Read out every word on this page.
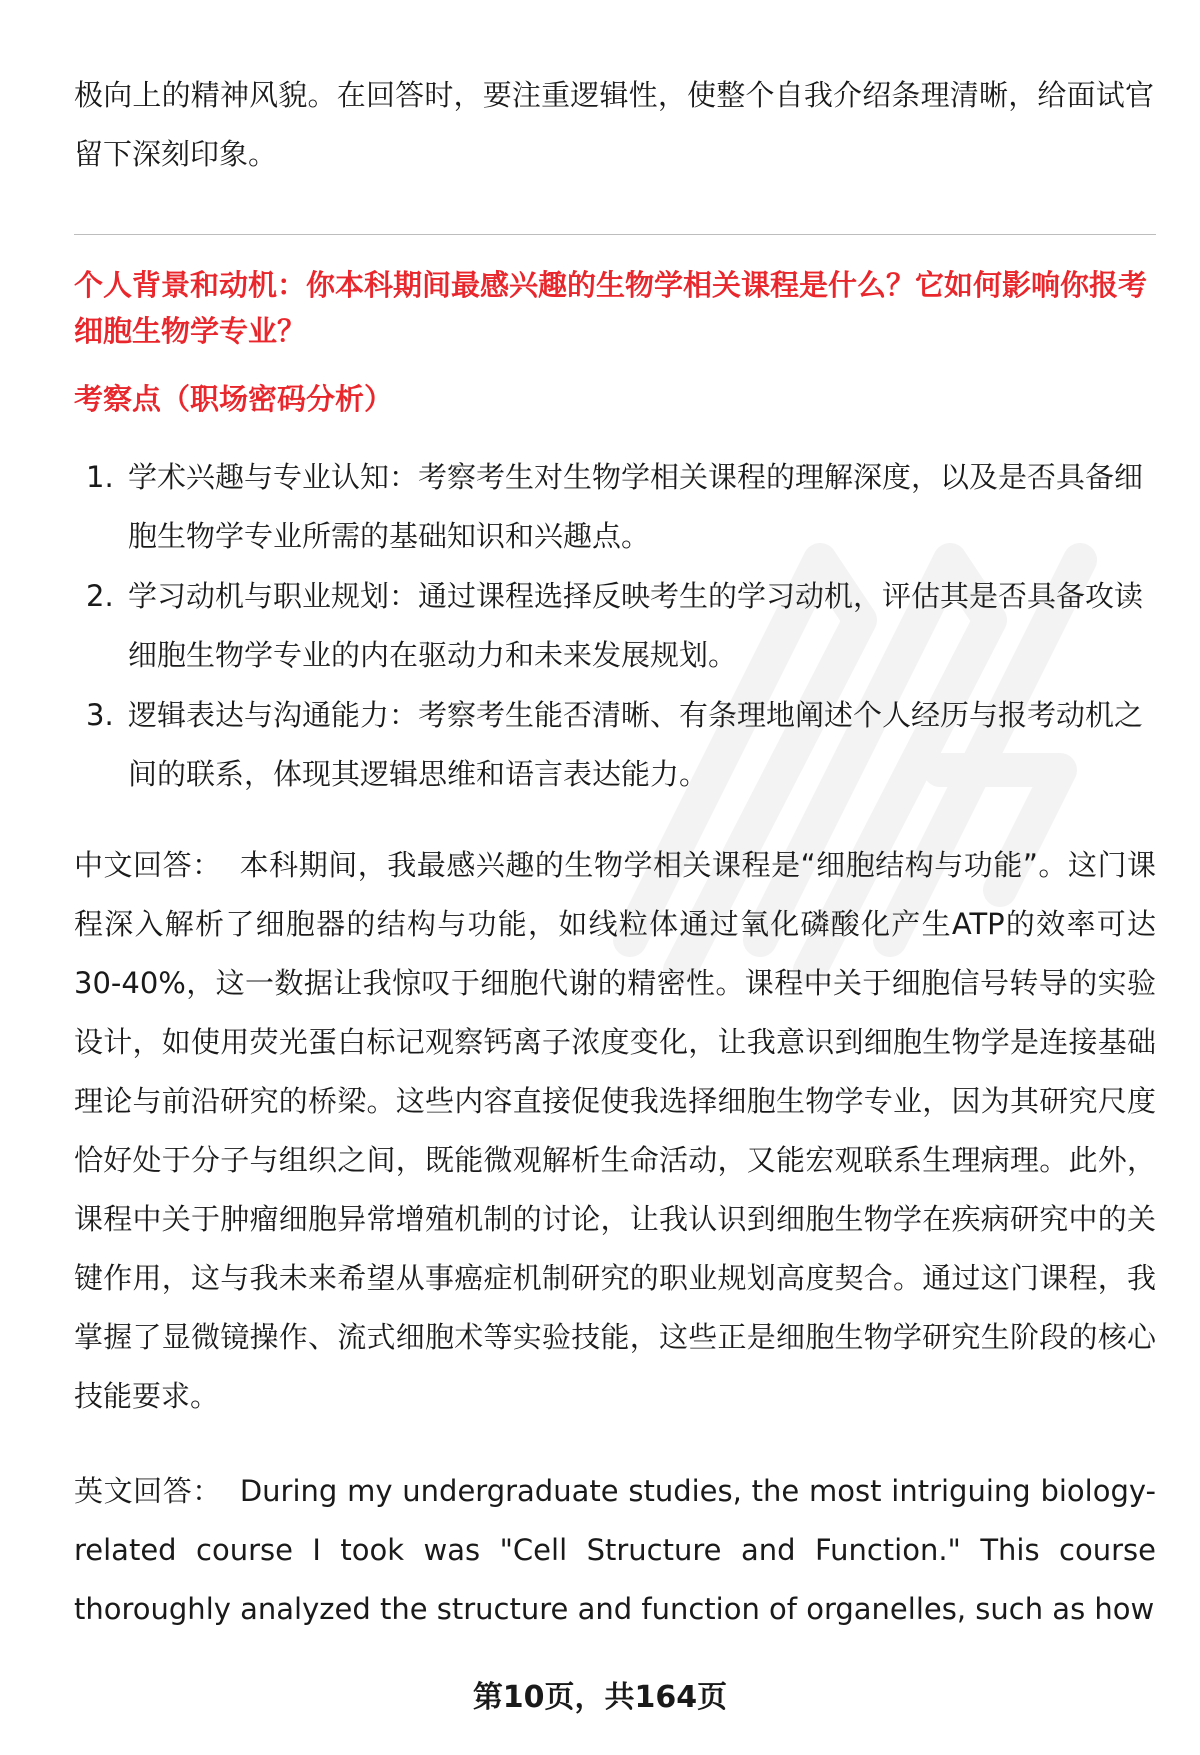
极向上的精神风貌。在回答时，要注重逻辑性，使整个自我介绍条理清晰，给面试官留下深刻印象。

个人背景和动机：你本科期间最感兴趣的生物学相关课程是什么？它如何影响你报考细胞生物学专业？
考察点（职场密码分析）
1. 学术兴趣与专业认知：考察考生对生物学相关课程的理解深度，以及是否具备细胞生物学专业所需的基础知识和兴趣点。
2. 学习动机与职业规划：通过课程选择反映考生的学习动机，评估其是否具备攻读细胞生物学专业的内在驱动力和未来发展规划。
3. 逻辑表达与沟通能力：考察考生能否清晰、有条理地阐述个人经历与报考动机之间的联系，体现其逻辑思维和语言表达能力。

中文回答： 本科期间，我最感兴趣的生物学相关课程是“细胞结构与功能”。这门课程深入解析了细胞器的结构与功能，如线粒体通过氧化磷酸化产生ATP的效率可达30-40%，这一数据让我惊叹于细胞代谢的精密性。课程中关于细胞信号转导的实验设计，如使用荧光蛋白标记观察钙离子浓度变化，让我意识到细胞生物学是连接基础理论与前沿研究的桥梁。这些内容直接促使我选择细胞生物学专业，因为其研究尺度恰好处于分子与组织之间，既能微观解析生命活动，又能宏观联系生理病理。此外，课程中关于肿瘤细胞异常增殖机制的讨论，让我认识到细胞生物学在疾病研究中的关键作用，这与我未来希望从事癌症机制研究的职业规划高度契合。通过这门课程，我掌握了显微镜操作、流式细胞术等实验技能，这些正是细胞生物学研究生阶段的核心技能要求。

英文回答： During my undergraduate studies, the most intriguing biology-related course I took was "Cell Structure and Function." This course thoroughly analyzed the structure and function of organelles, such as how

第10页，共164页
